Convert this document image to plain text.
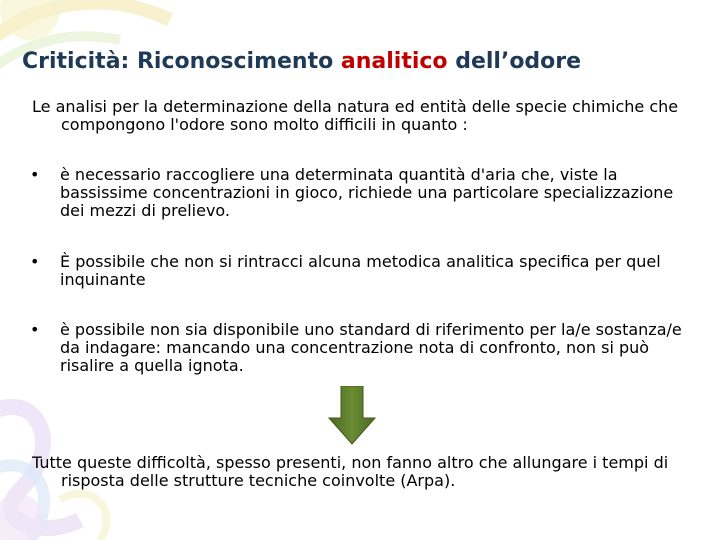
Criticità: Riconoscimento analitico dell’odore
Le analisi per la determinazione della natura ed entità delle specie chimiche che compongono l'odore sono molto difficili in quanto :
•	è necessario raccogliere una determinata quantità d'aria che, viste la bassissime concentrazioni in gioco, richiede una particolare specializzazione dei mezzi di prelievo.
•	È possibile che non si rintracci alcuna metodica analitica specifica per quel inquinante
•	è possibile non sia disponibile uno standard di riferimento per la/e sostanza/e da indagare: mancando una concentrazione nota di confronto, non si può risalire a quella ignota.
Tutte queste difficoltà, spesso presenti, non fanno altro che allungare i tempi di risposta delle strutture tecniche coinvolte (Arpa).
